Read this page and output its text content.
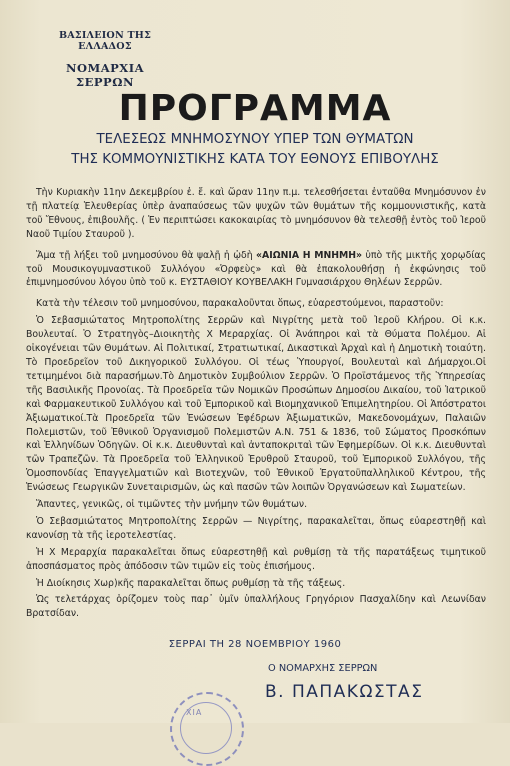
ΒΑΣΙΛΕΙΟΝ ΤΗΣ ΕΛΛΑΔΟΣ
ΝΟΜΑΡΧΙΑ ΣΕΡΡΩΝ
ΠΡΟΓΡΑΜΜΑ
ΤΕΛΕΣΕΩΣ ΜΝΗΜΟΣΥΝΟΥ ΥΠΕΡ ΤΩΝ ΘΥΜΑΤΩΝ
ΤΗΣ ΚΟΜΜΟΥΝΙΣΤΙΚΗΣ ΚΑΤΑ ΤΟΥ ΕΘΝΟΥΣ ΕΠΙΒΟΥΛΗΣ

Τὴν Κυριακὴν 11ην Δεκεμβρίου ἐ. ἔ. καὶ ὥραν 11ην π.μ. τελεσθήσεται ἐνταῦθα Μνημόσυνον ἐν τῇ πλατείᾳ Ἐλευθερίας ὑπὲρ ἀναπαύσεως τῶν ψυχῶν τῶν θυμάτων τῆς κομμουνιστικῆς, κατὰ τοῦ Ἔθνους, ἐπιβουλῆς. ( Ἐν περιπτώσει κακοκαιρίας τὸ μνημόσυνον θὰ τελεσθῇ ἐντὸς τοῦ Ἱεροῦ Ναοῦ Τιμίου Σταυροῦ ).

Ἅμα τῇ λήξει τοῦ μνημοσύνου θὰ ψαλῇ ἡ ᾠδὴ «ΑΙΩΝΙΑ Η ΜΝΗΜΗ» ὑπὸ τῆς μικτῆς χορῳδίας τοῦ Μουσικογυμναστικοῦ Συλλόγου «Ὀρφεὺς» καὶ θὰ ἐπακολουθήσῃ ἡ ἐκφώνησις τοῦ ἐπιμνημοσύνου λόγου ὑπὸ τοῦ κ. ΕΥΣΤΑΘΙΟΥ ΚΟΥΒΕΛΑΚΗ Γυμνασιάρχου Θηλέων Σερρῶν.

Κατὰ τὴν τέλεσιν τοῦ μνημοσύνου, παρακαλοῦνται ὅπως, εὐαρεστούμενοι, παραστοῦν:

Ὁ Σεβασμιώτατος Μητροπολίτης Σερρῶν καὶ Νιγρίτης μετὰ τοῦ Ἱεροῦ Κλήρου. Οἱ κ.κ. Βουλευταί. Ὁ Στρατηγὸς–Διοικητὴς Χ Μεραρχίας. Οἱ Ἀνάπηροι καὶ τὰ Θύματα Πολέμου. Αἱ οἰκογένειαι τῶν Θυμάτων. Αἱ Πολιτικαί, Στρατιωτικαί, Δικαστικαὶ Ἀρχαὶ καὶ ἡ Δημοτικὴ τοιαύτη. Τὸ Προεδρεῖον τοῦ Δικηγορικοῦ Συλλόγου. Οἱ τέως Ὑπουργοί, Βουλευταὶ καὶ Δήμαρχοι.Οἱ τετιμημένοι διὰ παρασήμων.Τὸ Δημοτικὸν Συμβούλιον Σερρῶν. Ὁ Προϊστάμενος τῆς Ὑπηρεσίας τῆς Βασιλικῆς Προνοίας. Τὰ Προεδρεῖα τῶν Νομικῶν Προσώπων Δημοσίου Δικαίου, τοῦ Ἰατρικοῦ καὶ Φαρμακευτικοῦ Συλλόγου καὶ τοῦ Ἐμπορικοῦ καὶ Βιομηχανικοῦ Ἐπιμελητηρίου. Οἱ Ἀπόστρατοι Ἀξιωματικοί.Τὰ Προεδρεῖα τῶν Ἑνώσεων Ἐφέδρων Ἀξιωματικῶν, Μακεδονομάχων, Παλαιῶν Πολεμιστῶν, τοῦ Ἐθνικοῦ Ὀργανισμοῦ Πολεμιστῶν Α.Ν. 751 & 1836, τοῦ Σώματος Προσκόπων καὶ Ἑλληνίδων Ὁδηγῶν. Οἱ κ.κ. Διευθυνταὶ καὶ ἀνταποκριταὶ τῶν Ἐφημερίδων. Οἱ κ.κ. Διευθυνταὶ τῶν Τραπεζῶν. Τὰ Προεδρεῖα τοῦ Ἑλληνικοῦ Ἐρυθροῦ Σταυροῦ, τοῦ Ἐμπορικοῦ Συλλόγου, τῆς Ὁμοσπονδίας Ἐπαγγελματιῶν καὶ Βιοτεχνῶν, τοῦ Ἐθνικοῦ Ἐργατοϋπαλληλικοῦ Κέντρου, τῆς Ἑνώσεως Γεωργικῶν Συνεταιρισμῶν, ὡς καὶ πασῶν τῶν λοιπῶν Ὀργανώσεων καὶ Σωματείων.

Ἅπαντες, γενικῶς, οἱ τιμῶντες τὴν μνήμην τῶν θυμάτων.

Ὁ Σεβασμιώτατος Μητροπολίτης Σερρῶν — Νιγρίτης, παρακαλεῖται, ὅπως εὐαρεστηθῇ καὶ κανονίσῃ τὰ τῆς ἱεροτελεστίας.

Ἡ Χ Μεραρχία παρακαλεῖται ὅπως εὐαρεστηθῇ καὶ ρυθμίσῃ τὰ τῆς παρατάξεως τιμητικοῦ ἀποσπάσματος πρὸς ἀπόδοσιν τῶν τιμῶν εἰς τοὺς ἐπισήμους.

Ἡ Διοίκησις Χωρ)κῆς παρακαλεῖται ὅπως ρυθμίσῃ τὰ τῆς τάξεως.

Ὡς τελετάρχας ὁρίζομεν τοὺς παρ᾽ ὑμῖν ὑπαλλήλους Γρηγόριον Πασχαλίδην καὶ Λεωνίδαν Βρατσίδαν.

ΣΕΡΡΑΙ ΤΗ 28 ΝΟΕΜΒΡΙΟΥ 1960
Ο ΝΟΜΑΡΧΗΣ ΣΕΡΡΩΝ
ΧΙΑ
Β. ΠΑΠΑΚΩΣΤΑΣ
